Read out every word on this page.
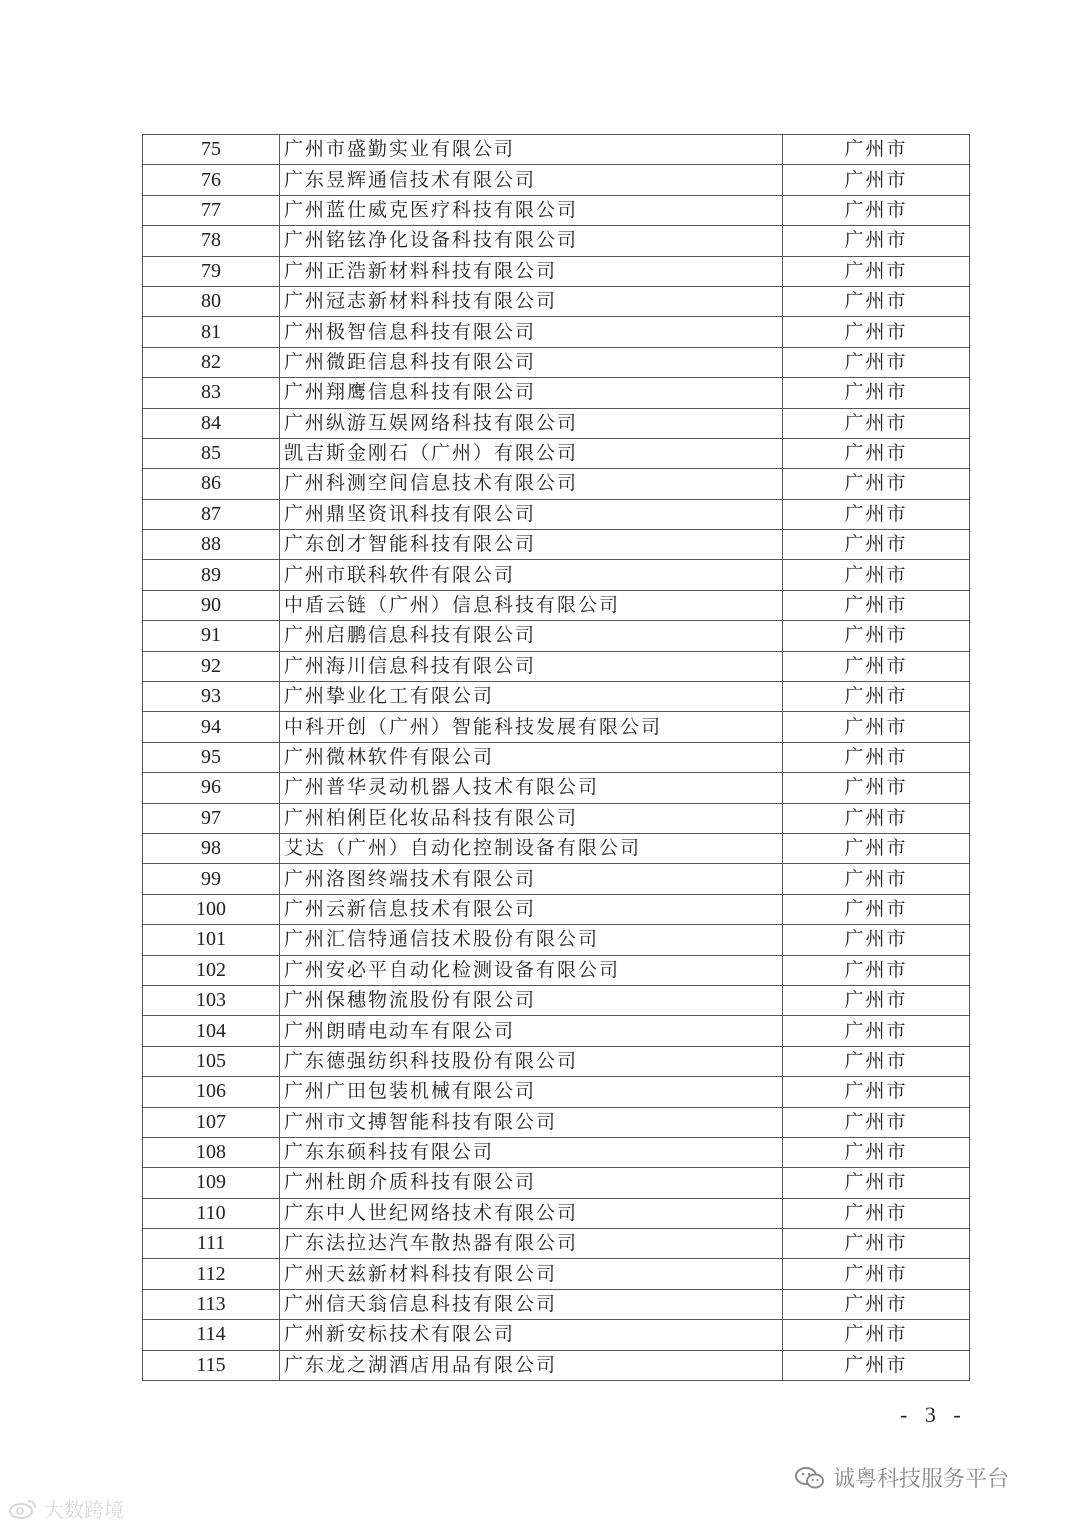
75	广州市盛勤实业有限公司	广州市
76	广东昱辉通信技术有限公司	广州市
77	广州蓝仕威克医疗科技有限公司	广州市
78	广州铭铉净化设备科技有限公司	广州市
79	广州正浩新材料科技有限公司	广州市
80	广州冠志新材料科技有限公司	广州市
81	广州极智信息科技有限公司	广州市
82	广州微距信息科技有限公司	广州市
83	广州翔鹰信息科技有限公司	广州市
84	广州纵游互娱网络科技有限公司	广州市
85	凯吉斯金刚石（广州）有限公司	广州市
86	广州科测空间信息技术有限公司	广州市
87	广州鼎坚资讯科技有限公司	广州市
88	广东创才智能科技有限公司	广州市
89	广州市联科软件有限公司	广州市
90	中盾云链（广州）信息科技有限公司	广州市
91	广州启鹏信息科技有限公司	广州市
92	广州海川信息科技有限公司	广州市
93	广州挚业化工有限公司	广州市
94	中科开创（广州）智能科技发展有限公司	广州市
95	广州微林软件有限公司	广州市
96	广州普华灵动机器人技术有限公司	广州市
97	广州柏俐臣化妆品科技有限公司	广州市
98	艾达（广州）自动化控制设备有限公司	广州市
99	广州洛图终端技术有限公司	广州市
100	广州云新信息技术有限公司	广州市
101	广州汇信特通信技术股份有限公司	广州市
102	广州安必平自动化检测设备有限公司	广州市
103	广州保穗物流股份有限公司	广州市
104	广州朗晴电动车有限公司	广州市
105	广东德强纺织科技股份有限公司	广州市
106	广州广田包装机械有限公司	广州市
107	广州市文搏智能科技有限公司	广州市
108	广东东硕科技有限公司	广州市
109	广州杜朗介质科技有限公司	广州市
110	广东中人世纪网络技术有限公司	广州市
111	广东法拉达汽车散热器有限公司	广州市
112	广州天兹新材料科技有限公司	广州市
113	广州信天翁信息科技有限公司	广州市
114	广州新安标技术有限公司	广州市
115	广东龙之湖酒店用品有限公司	广州市
- 3 -
诚粤科技服务平台
大数跨境
